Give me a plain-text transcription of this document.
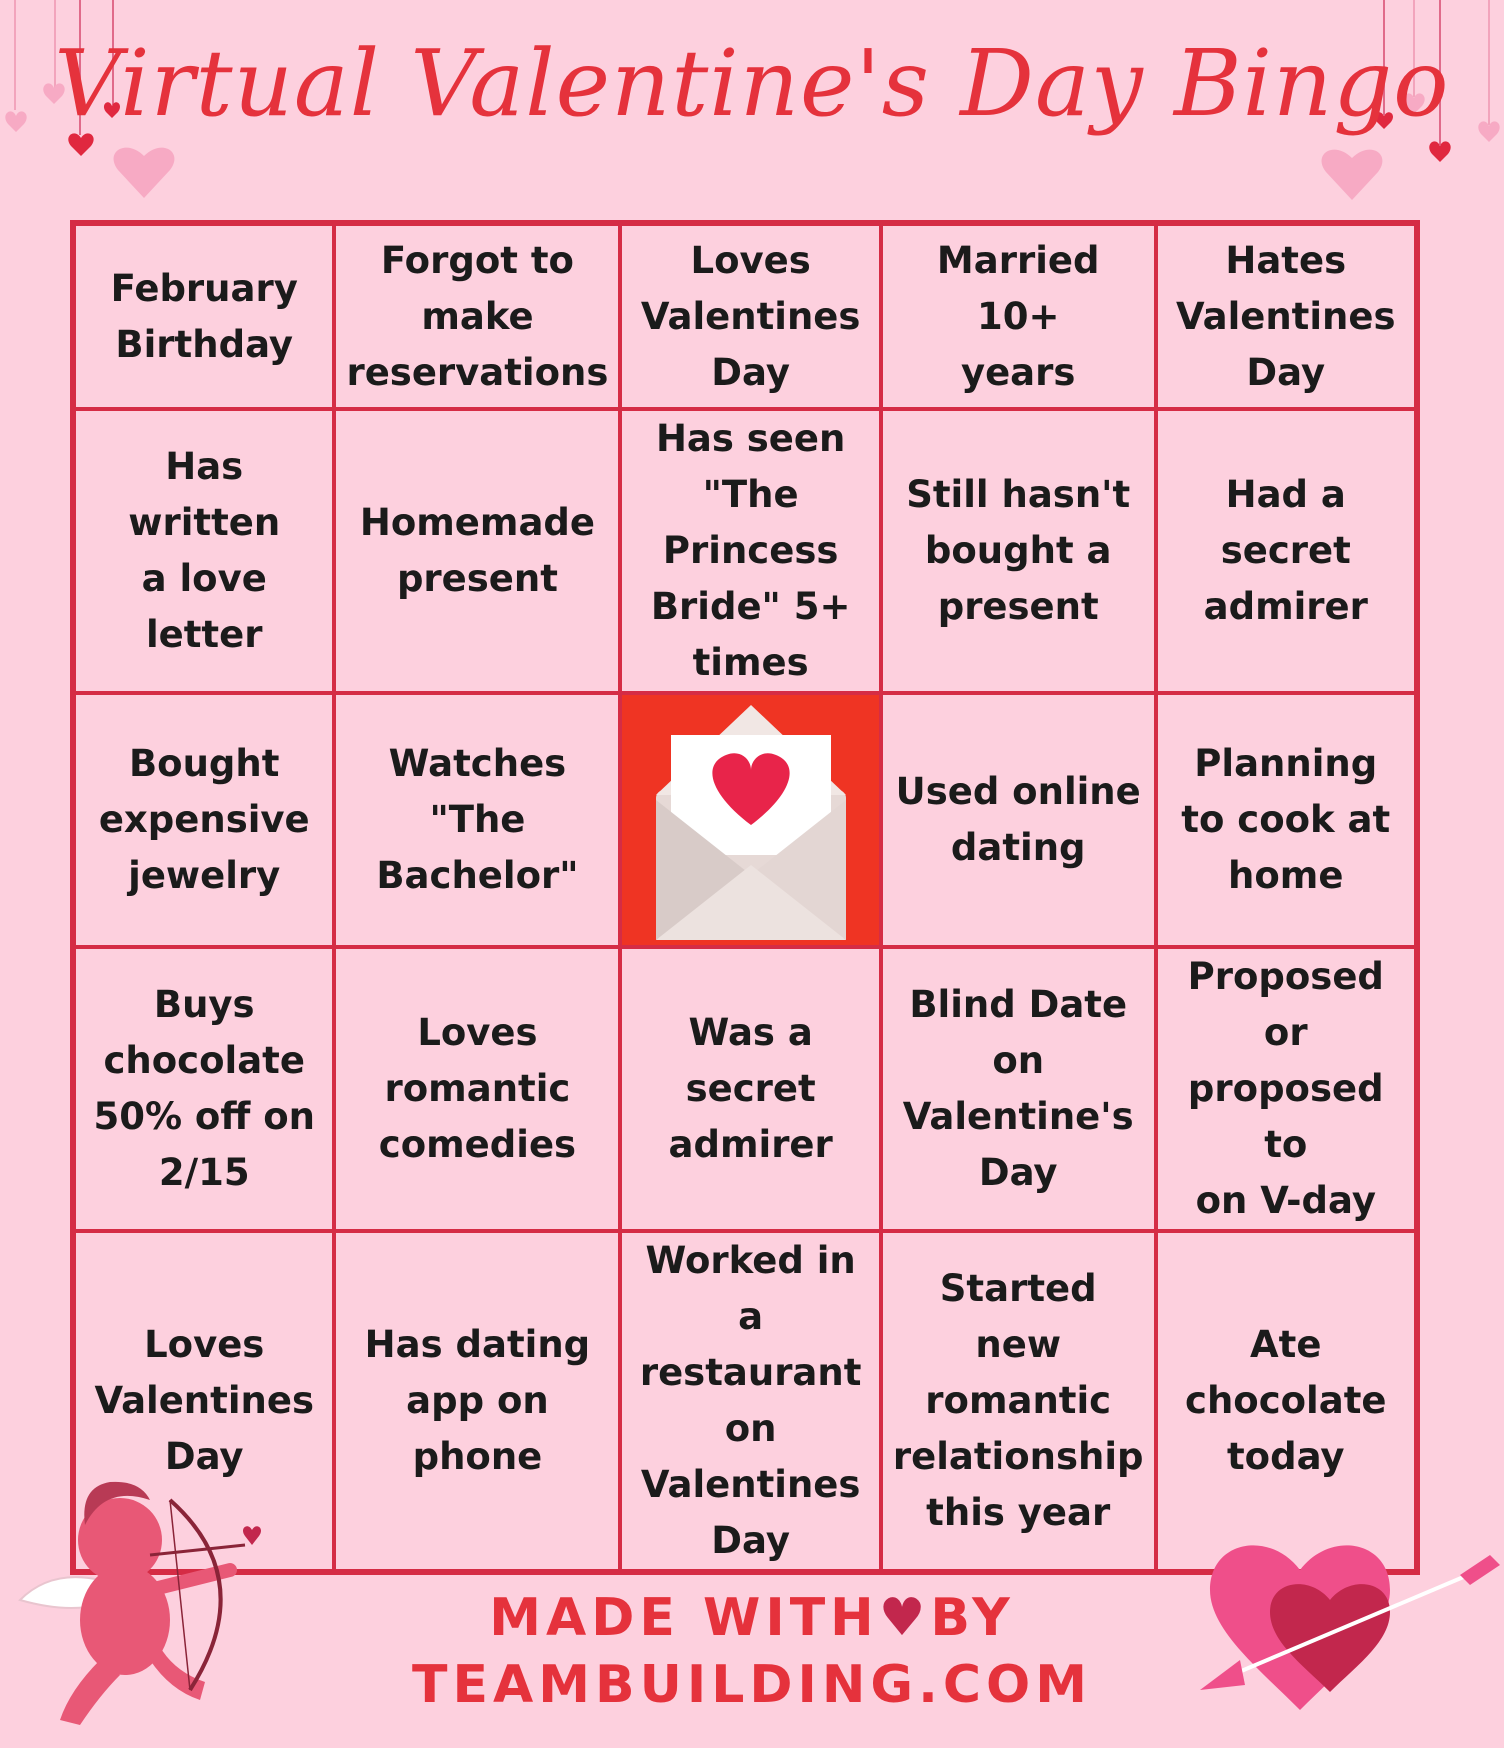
Virtual Valentine's Day Bingo
February
Birthday
Forgot to
make
reservations
Loves
Valentines
Day
Married 10+
years
Hates
Valentines
Day
Has written
a love letter
Homemade
present
Has seen
"The Princess
Bride" 5+
times
Still hasn't
bought a
present
Had a secret
admirer
Bought
expensive
jewelry
Watches
"The
Bachelor"
Used online
dating
Planning
to cook at
home
Buys
chocolate
50% off on
2/15
Loves
romantic
comedies
Was a
secret
admirer
Blind Date on
Valentine's
Day
Proposed or
proposed to
on V-day
Loves
Valentines
Day
Has dating
app on
phone
Worked in a
restaurant on
Valentines
Day
Started new
romantic
relationship
this year
Ate
chocolate
today
MADE WITH♥BY
TEAMBUILDING.COM
